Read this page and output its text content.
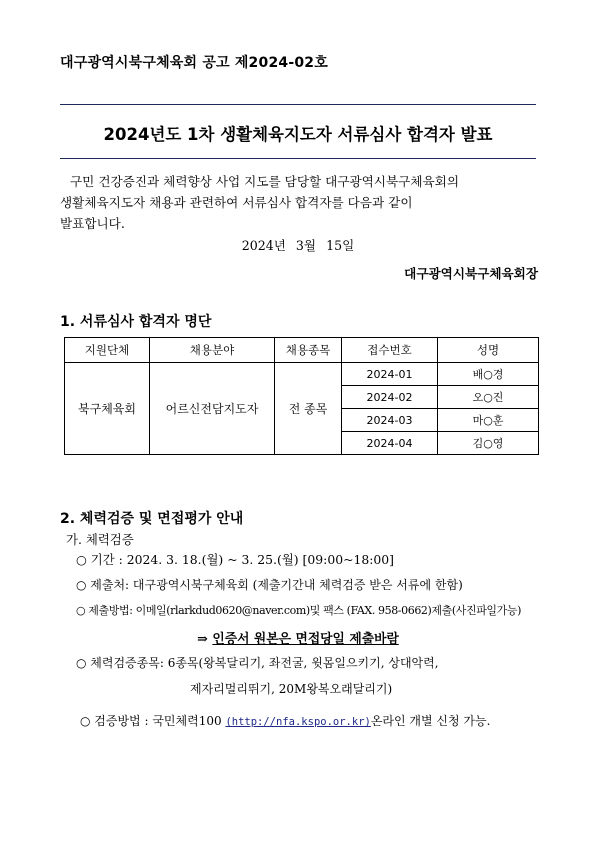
대구광역시북구체육회 공고 제2024-02호
2024년도 1차 생활체육지도자 서류심사 합격자 발표
구민 건강증진과 체력향상 사업 지도를 담당할 대구광역시북구체육회의
생활체육지도자 채용과 관련하여 서류심사 합격자를 다음과 같이
발표합니다.
2024년 3월 15일
대구광역시북구체육회장
1. 서류심사 합격자 명단
지원단체	채용분야	채용종목	접수번호	성명
북구체육회	어르신전담지도자	전 종목	2024-01	배○경
			2024-02	오○진
			2024-03	마○훈
			2024-04	김○영
2. 체력검증 및 면접평가 안내
가. 체력검증
○ 기간 : 2024. 3. 18.(월) ~ 3. 25.(월) [09:00~18:00]
○ 제출처: 대구광역시북구체육회 (제출기간내 체력검증 받은 서류에 한함)
○ 제출방법: 이메일(rlarkdud0620@naver.com)및 팩스 (FAX. 958-0662)제출(사진파일가능)
⇒ 인증서 원본은 면접당일 제출바람
○ 체력검증종목: 6종목(왕복달리기, 좌전굴, 윗몸일으키기, 상대악력,
제자리멀리뛰기, 20M왕복오래달리기)
○ 검증방법 : 국민체력100 (http://nfa.kspo.or.kr)온라인 개별 신청 가능.
